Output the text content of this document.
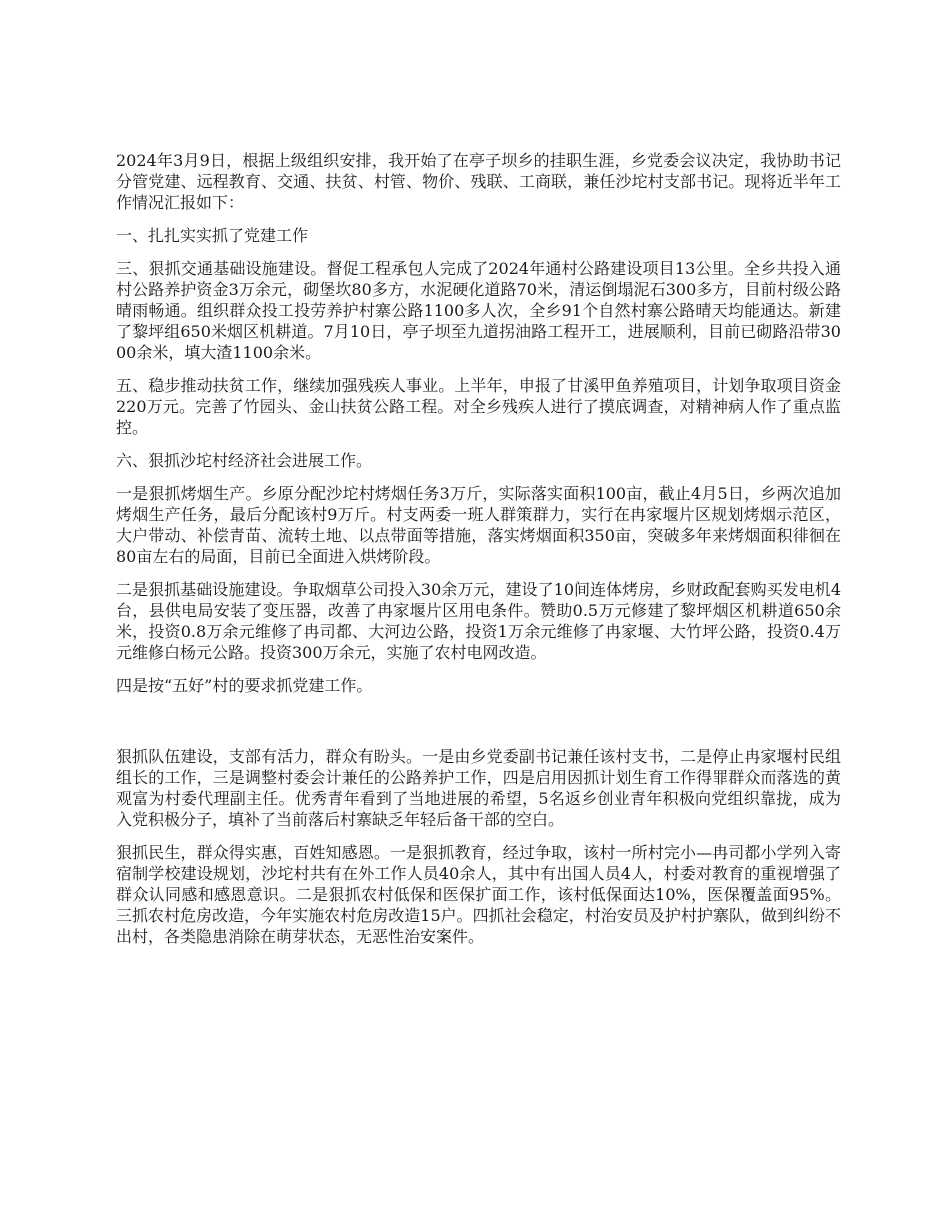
2024年3月9日，根据上级组织安排，我开始了在亭子坝乡的挂职生涯，乡党委会议决定，我协助书记分管党建、远程教育、交通、扶贫、村管、物价、残联、工商联，兼任沙坨村支部书记。现将近半年工作情况汇报如下：

一、扎扎实实抓了党建工作

三、狠抓交通基础设施建设。督促工程承包人完成了2024年通村公路建设项目13公里。全乡共投入通村公路养护资金3万余元，砌堡坎80多方，水泥硬化道路70米，清运倒塌泥石300多方，目前村级公路晴雨畅通。组织群众投工投劳养护村寨公路1100多人次，全乡91个自然村寨公路晴天均能通达。新建了黎坪组650米烟区机耕道。7月10日，亭子坝至九道拐油路工程开工，进展顺利，目前已砌路沿带3000余米，填大渣1100余米。

五、稳步推动扶贫工作，继续加强残疾人事业。上半年，申报了甘溪甲鱼养殖项目，计划争取项目资金220万元。完善了竹园头、金山扶贫公路工程。对全乡残疾人进行了摸底调查，对精神病人作了重点监控。

六、狠抓沙坨村经济社会进展工作。

一是狠抓烤烟生产。乡原分配沙坨村烤烟任务3万斤，实际落实面积100亩，截止4月5日，乡两次追加烤烟生产任务，最后分配该村9万斤。村支两委一班人群策群力，实行在冉家堰片区规划烤烟示范区，大户带动、补偿青苗、流转土地、以点带面等措施，落实烤烟面积350亩，突破多年来烤烟面积徘徊在80亩左右的局面，目前已全面进入烘烤阶段。

二是狠抓基础设施建设。争取烟草公司投入30余万元，建设了10间连体烤房，乡财政配套购买发电机4台，县供电局安装了变压器，改善了冉家堰片区用电条件。赞助0.5万元修建了黎坪烟区机耕道650余米，投资0.8万余元维修了冉司都、大河边公路，投资1万余元维修了冉家堰、大竹坪公路，投资0.4万元维修白杨元公路。投资300万余元，实施了农村电网改造。

四是按“五好”村的要求抓党建工作。

狠抓队伍建设，支部有活力，群众有盼头。一是由乡党委副书记兼任该村支书，二是停止冉家堰村民组组长的工作，三是调整村委会计兼任的公路养护工作，四是启用因抓计划生育工作得罪群众而落选的黄观富为村委代理副主任。优秀青年看到了当地进展的希望，5名返乡创业青年积极向党组织靠拢，成为入党积极分子，填补了当前落后村寨缺乏年轻后备干部的空白。

狠抓民生，群众得实惠，百姓知感恩。一是狠抓教育，经过争取，该村一所村完小—冉司都小学列入寄宿制学校建设规划，沙坨村共有在外工作人员40余人，其中有出国人员4人，村委对教育的重视增强了群众认同感和感恩意识。二是狠抓农村低保和医保扩面工作，该村低保面达10%，医保覆盖面95%。三抓农村危房改造，今年实施农村危房改造15户。四抓社会稳定，村治安员及护村护寨队，做到纠纷不出村，各类隐患消除在萌芽状态，无恶性治安案件。
